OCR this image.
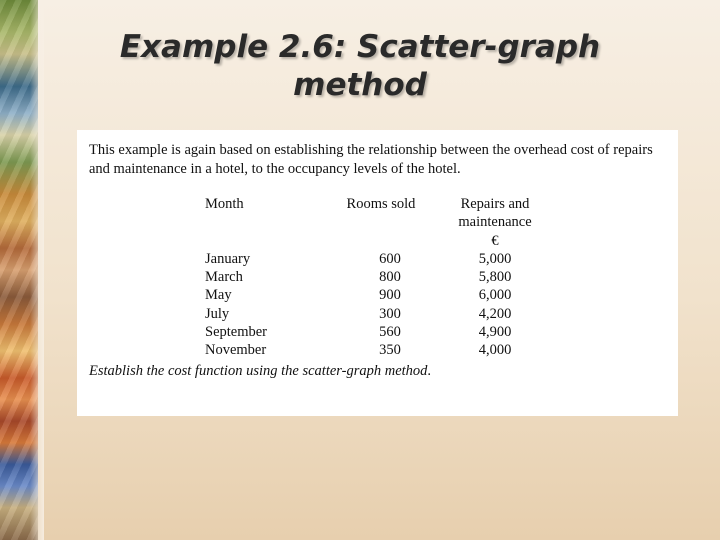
Example 2.6: Scatter-graph
method

This example is again based on establishing the relationship between the overhead cost of repairs and maintenance in a hotel, to the occupancy levels of the hotel.

Month	Rooms sold	Repairs and
maintenance
€

January	600	5,000
March	800	5,800
May	900	6,000
July	300	4,200
September	560	4,900
November	350	4,000

Establish the cost function using the scatter-graph method.
